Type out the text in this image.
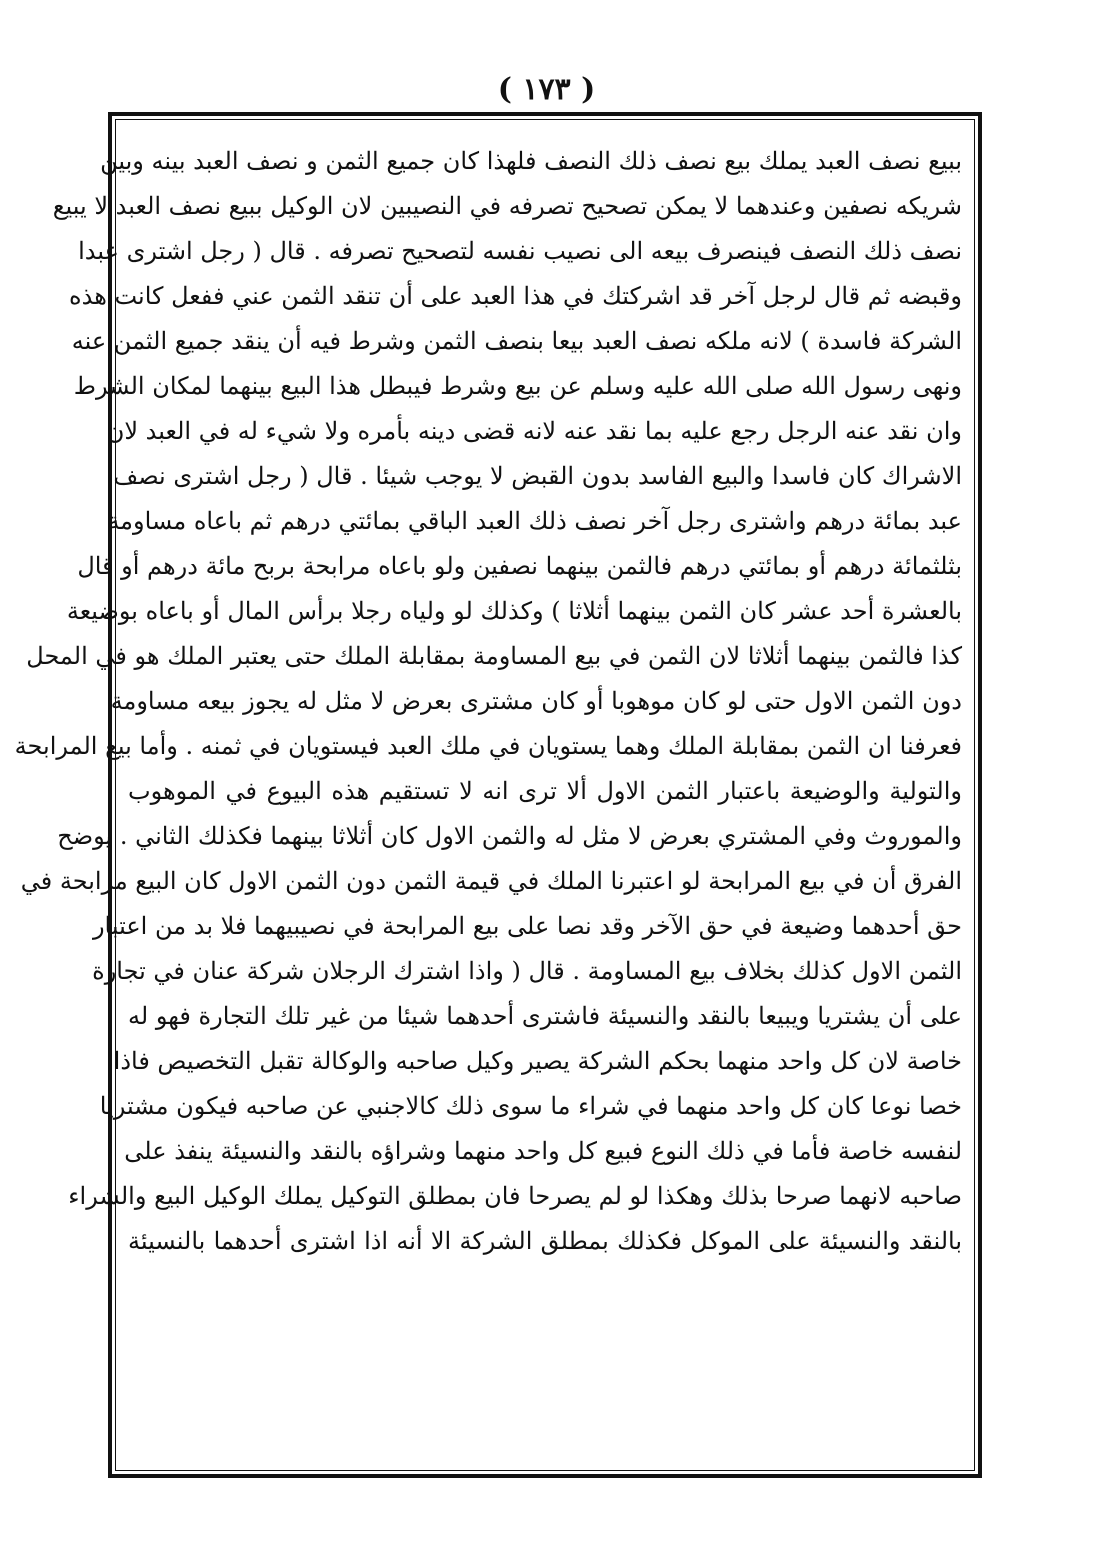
( ١٧٣ )
ببيع نصف العبد يملك بيع نصف ذلك النصف فلهذا كان جميع الثمن و نصف العبد بينه وبين
شريكه نصفين وعندهما لا يمكن تصحيح تصرفه في النصيبين لان الوكيل ببيع نصف العبد لا يبيع
نصف ذلك النصف فينصرف بيعه الى نصيب نفسه لتصحيح تصرفه . قال ( رجل اشترى عبدا
وقبضه ثم قال لرجل آخر قد اشركتك في هذا العبد على أن تنقد الثمن عني ففعل كانت هذه
الشركة فاسدة ) لانه ملكه نصف العبد بيعا بنصف الثمن وشرط فيه أن ينقد جميع الثمن عنه
ونهى رسول الله صلى الله عليه وسلم عن بيع وشرط فيبطل هذا البيع بينهما لمكان الشرط
وان نقد عنه الرجل رجع عليه بما نقد عنه لانه قضى دينه بأمره ولا شيء له في العبد لان
الاشراك كان فاسدا والبيع الفاسد بدون القبض لا يوجب شيئا . قال ( رجل اشترى نصف
عبد بمائة درهم واشترى رجل آخر نصف ذلك العبد الباقي بمائتي درهم ثم باعاه مساومة
بثلثمائة درهم أو بمائتي درهم فالثمن بينهما نصفين ولو باعاه مرابحة بربح مائة درهم أو قال
بالعشرة أحد عشر كان الثمن بينهما أثلاثا ) وكذلك لو ولياه رجلا برأس المال أو باعاه بوضيعة
كذا فالثمن بينهما أثلاثا لان الثمن في بيع المساومة بمقابلة الملك حتى يعتبر الملك هو في المحل
دون الثمن الاول حتى لو كان موهوبا أو كان مشترى بعرض لا مثل له يجوز بيعه مساومة
فعرفنا ان الثمن بمقابلة الملك وهما يستويان في ملك العبد فيستويان في ثمنه . وأما بيع المرابحة
والتولية والوضيعة باعتبار الثمن الاول ألا ترى انه لا تستقيم هذه البيوع في الموهوب
والموروث وفي المشتري بعرض لا مثل له والثمن الاول كان أثلاثا بينهما فكذلك الثاني . يوضح
الفرق أن في بيع المرابحة لو اعتبرنا الملك في قيمة الثمن دون الثمن الاول كان البيع مرابحة في
حق أحدهما وضيعة في حق الآخر وقد نصا على بيع المرابحة في نصيبيهما فلا بد من اعتبار
الثمن الاول كذلك بخلاف بيع المساومة . قال ( واذا اشترك الرجلان شركة عنان في تجارة
على أن يشتريا ويبيعا بالنقد والنسيئة فاشترى أحدهما شيئا من غير تلك التجارة فهو له
خاصة لان كل واحد منهما بحكم الشركة يصير وكيل صاحبه والوكالة تقبل التخصيص فاذا
خصا نوعا كان كل واحد منهما في شراء ما سوى ذلك كالاجنبي عن صاحبه فيكون مشتريا
لنفسه خاصة فأما في ذلك النوع فبيع كل واحد منهما وشراؤه بالنقد والنسيئة ينفذ على
صاحبه لانهما صرحا بذلك وهكذا لو لم يصرحا فان بمطلق التوكيل يملك الوكيل البيع والشراء
بالنقد والنسيئة على الموكل فكذلك بمطلق الشركة الا أنه اذا اشترى أحدهما بالنسيئة
